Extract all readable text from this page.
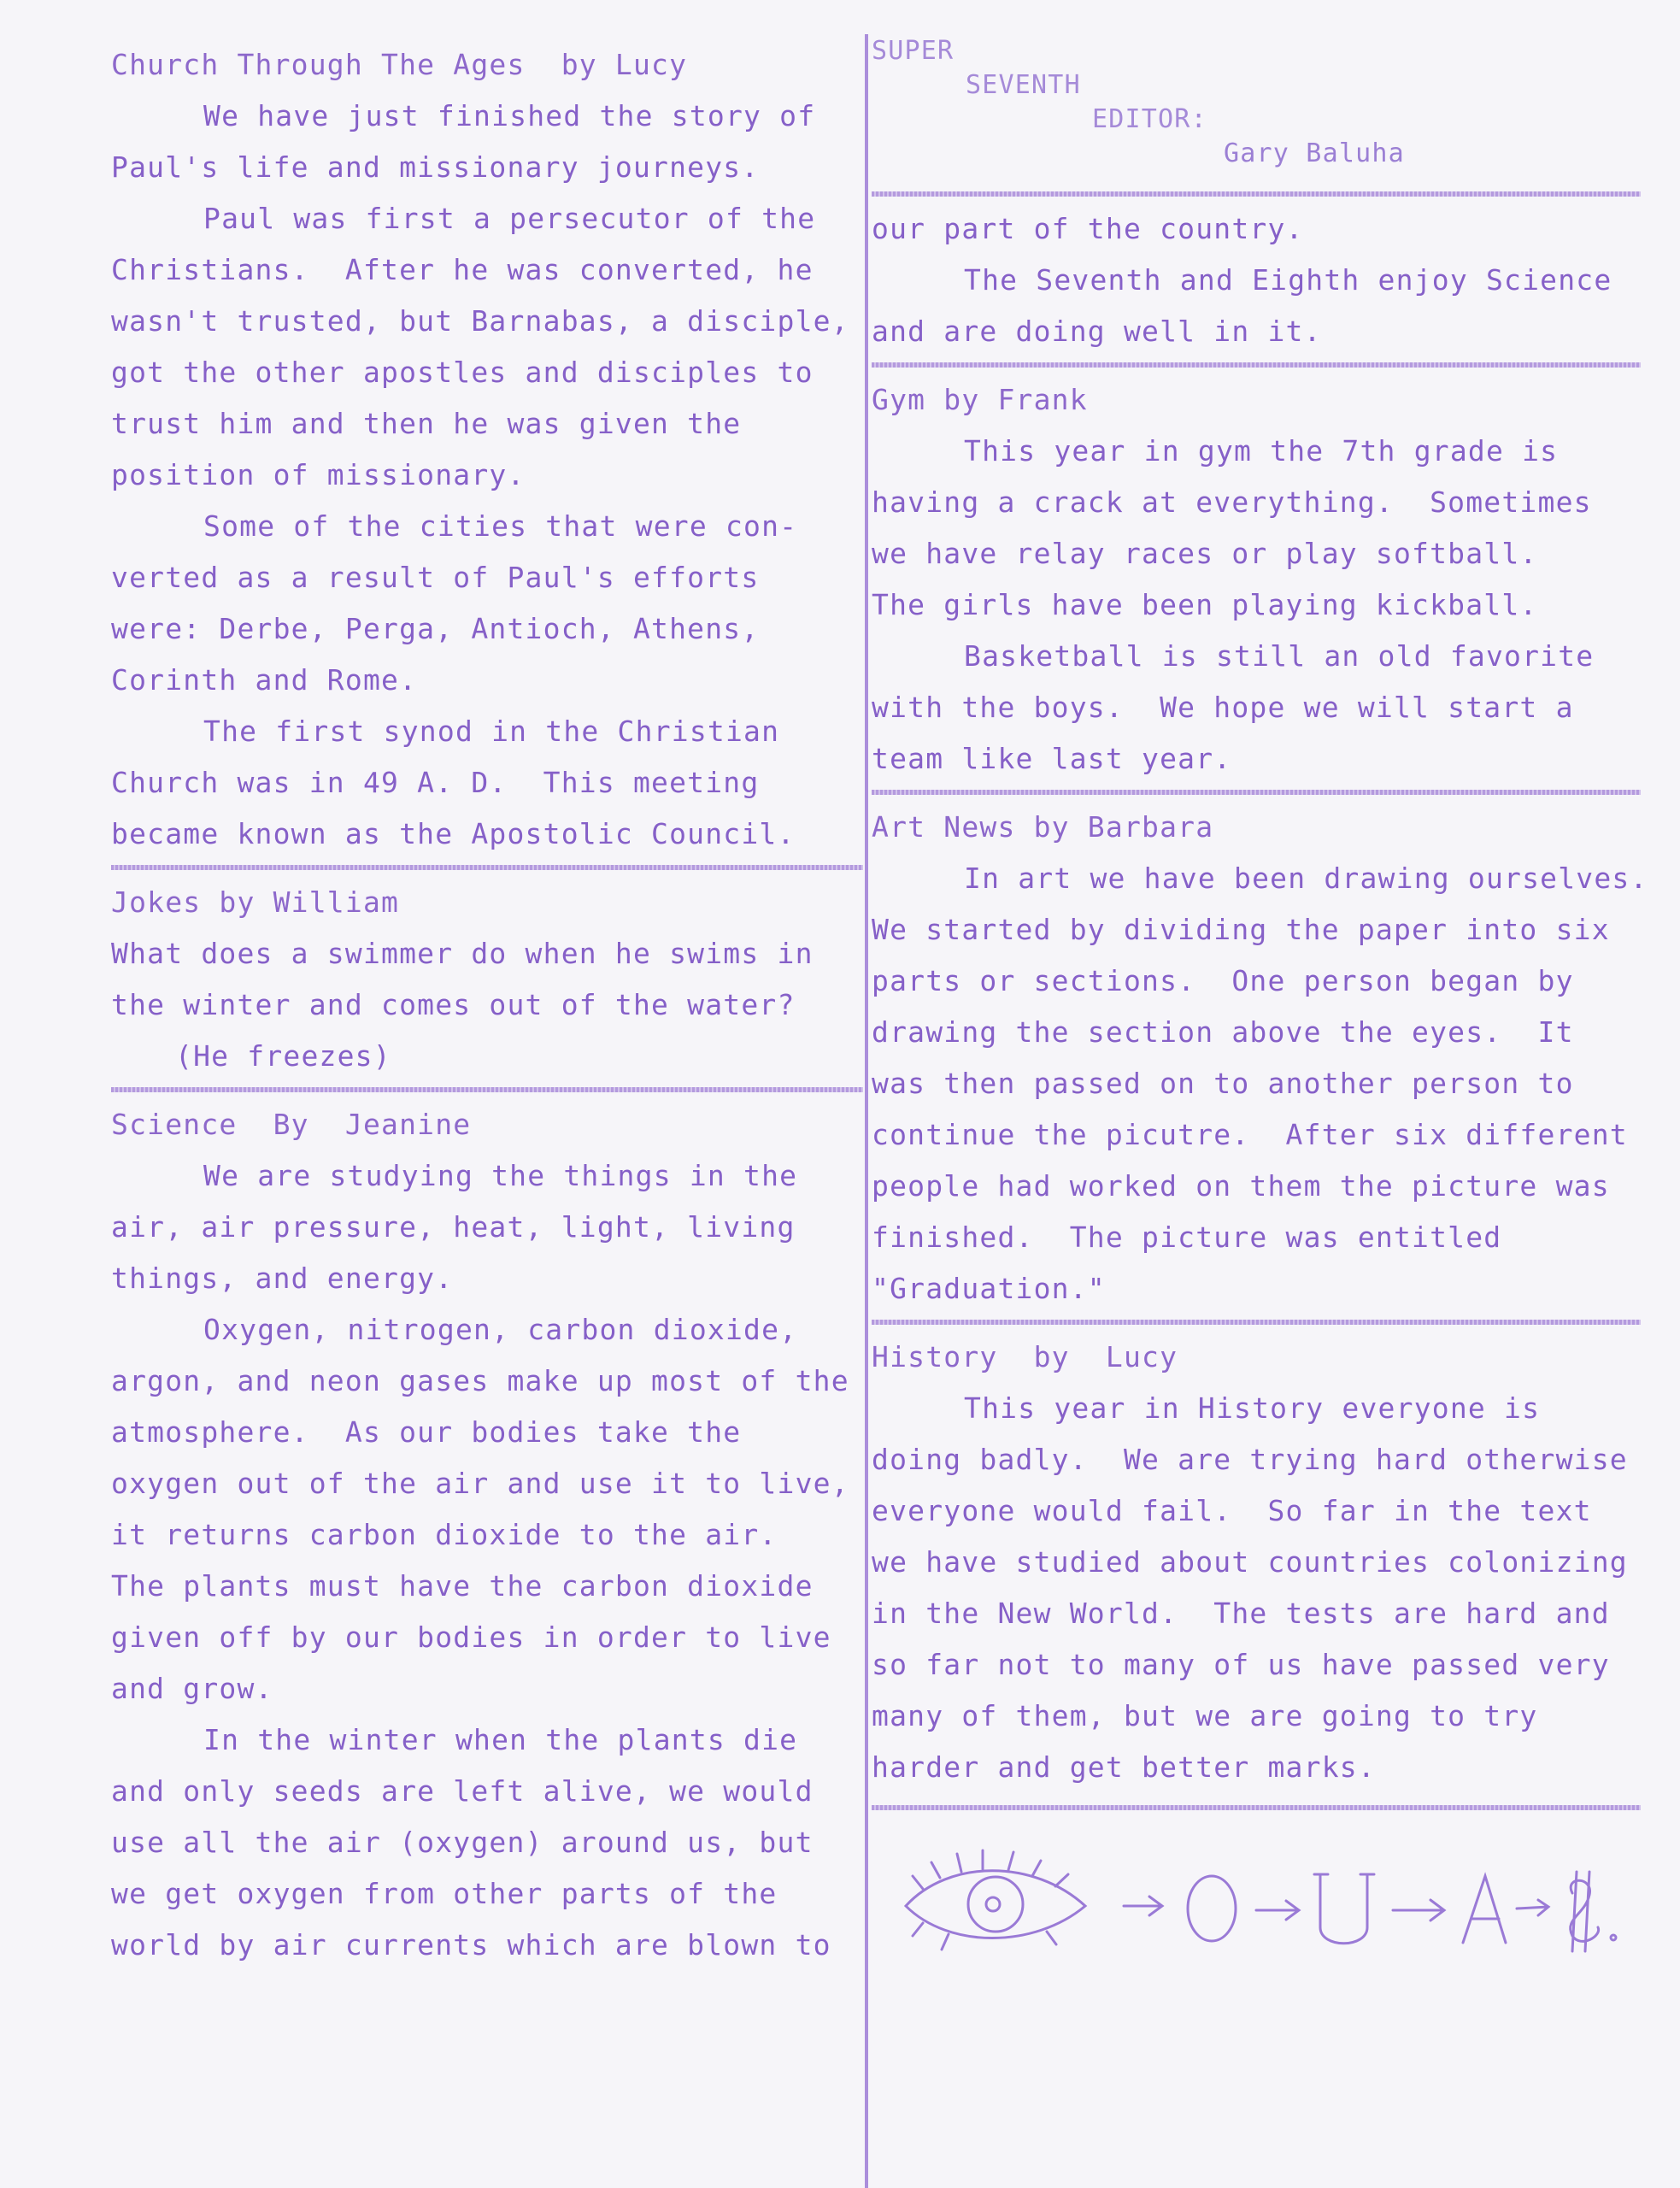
Church Through The Ages  by Lucy
We have just finished the story of
Paul's life and missionary journeys.
Paul was first a persecutor of the
Christians.  After he was converted, he
wasn't trusted, but Barnabas, a disciple,
got the other apostles and disciples to
trust him and then he was given the
position of missionary.
Some of the cities that were con-
verted as a result of Paul's efforts
were: Derbe, Perga, Antioch, Athens,
Corinth and Rome.
The first synod in the Christian
Church was in 49 A. D.  This meeting
became known as the Apostolic Council.
Jokes by William
What does a swimmer do when he swims in
the winter and comes out of the water?
(He freezes)
Science  By  Jeanine
We are studying the things in the
air, air pressure, heat, light, living
things, and energy.
Oxygen, nitrogen, carbon dioxide,
argon, and neon gases make up most of the
atmosphere.  As our bodies take the
oxygen out of the air and use it to live,
it returns carbon dioxide to the air.
The plants must have the carbon dioxide
given off by our bodies in order to live
and grow.
In the winter when the plants die
and only seeds are left alive, we would
use all the air (oxygen) around us, but
we get oxygen from other parts of the
world by air currents which are blown to
SUPER
SEVENTH
EDITOR:
Gary Baluha
our part of the country.
The Seventh and Eighth enjoy Science
and are doing well in it.
Gym by Frank
This year in gym the 7th grade is
having a crack at everything.  Sometimes
we have relay races or play softball.
The girls have been playing kickball.
Basketball is still an old favorite
with the boys.  We hope we will start a
team like last year.
Art News by Barbara
In art we have been drawing ourselves.
We started by dividing the paper into six
parts or sections.  One person began by
drawing the section above the eyes.  It
was then passed on to another person to
continue the picutre.  After six different
people had worked on them the picture was
finished.  The picture was entitled
"Graduation."
History  by  Lucy
This year in History everyone is
doing badly.  We are trying hard otherwise
everyone would fail.  So far in the text
we have studied about countries colonizing
in the New World.  The tests are hard and
so far not to many of us have passed very
many of them, but we are going to try
harder and get better marks.
